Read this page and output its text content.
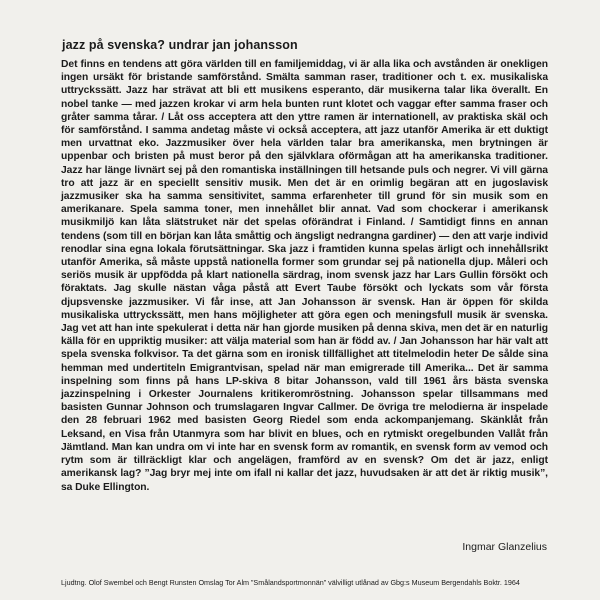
jazz på svenska? undrar jan johansson
Det finns en tendens att göra världen till en familjemiddag, vi är alla lika och avstånden är onekligen ingen ursäkt för bristande samförstånd. Smälta samman raser, traditioner och t. ex. musikaliska uttryckssätt. Jazz har strävat att bli ett musikens esperanto, där musikerna talar lika överallt. En nobel tanke — med jazzen krokar vi arm hela bunten runt klotet och vaggar efter samma fraser och gråter samma tårar. / Låt oss acceptera att den yttre ramen är internationell, av praktiska skäl och för samförstånd. I samma andetag måste vi också acceptera, att jazz utanför Amerika är ett duktigt men urvattnat eko. Jazzmusiker över hela världen talar bra amerikanska, men brytningen är uppenbar och bristen på must beror på den självklara oförmågan att ha amerikanska traditioner. Jazz har länge livnärt sej på den romantiska inställningen till hetsande puls och negrer. Vi vill gärna tro att jazz är en speciellt sensitiv musik. Men det är en orimlig begäran att en jugoslavisk jazzmusiker ska ha samma sensitivitet, samma erfarenheter till grund för sin musik som en amerikanare. Spela samma toner, men innehållet blir annat. Vad som chockerar i amerikansk musikmiljö kan låta slätstruket när det spelas oförändrat i Finland. / Samtidigt finns en annan tendens (som till en början kan låta småttig och ängsligt nedrangna gardiner) — den att varje individ renodlar sina egna lokala förutsättningar. Ska jazz i framtiden kunna spelas ärligt och innehållsrikt utanför Amerika, så måste uppstå nationella former som grundar sej på nationella djup. Måleri och seriös musik är uppfödda på klart nationella särdrag, inom svensk jazz har Lars Gullin försökt och föraktats. Jag skulle nästan våga påstå att Evert Taube försökt och lyckats som vår första djupsvenske jazzmusiker. Vi får inse, att Jan Johansson är svensk. Han är öppen för skilda musikaliska uttryckssätt, men hans möjligheter att göra egen och meningsfull musik är svenska. Jag vet att han inte spekulerat i detta när han gjorde musiken på denna skiva, men det är en naturlig källa för en uppriktig musiker: att välja material som han är född av. / Jan Johansson har här valt att spela svenska folkvisor. Ta det gärna som en ironisk tillfällighet att titelmelodin heter De sålde sina hemman med undertiteln Emigrantvisan, spelad när man emigrerade till Amerika... Det är samma inspelning som finns på hans LP-skiva 8 bitar Johansson, vald till 1961 års bästa svenska jazzinspelning i Orkester Journalens kritikeromröstning. Johansson spelar tillsammans med basisten Gunnar Johnson och trumslagaren Ingvar Callmer. De övriga tre melodierna är inspelade den 28 februari 1962 med basisten Georg Riedel som enda ackompanjemang. Skänklåt från Leksand, en Visa från Utanmyra som har blivit en blues, och en rytmiskt oregelbunden Vallåt från Jämtland. Man kan undra om vi inte har en svensk form av romantik, en svensk form av vemod och rytm som är tillräckligt klar och angelägen, framförd av en svensk? Om det är jazz, enligt amerikansk lag? ”Jag bryr mej inte om ifall ni kallar det jazz, huvudsaken är att det är riktig musik”, sa Duke Ellington.
Ingmar Glanzelius
Ljudtng. Olof Swembel och Bengt Runsten Omslag Tor Alm ”Smålandsportmonnän” välvilligt utlånad av Gbg:s Museum Bergendahls Boktr. 1964
